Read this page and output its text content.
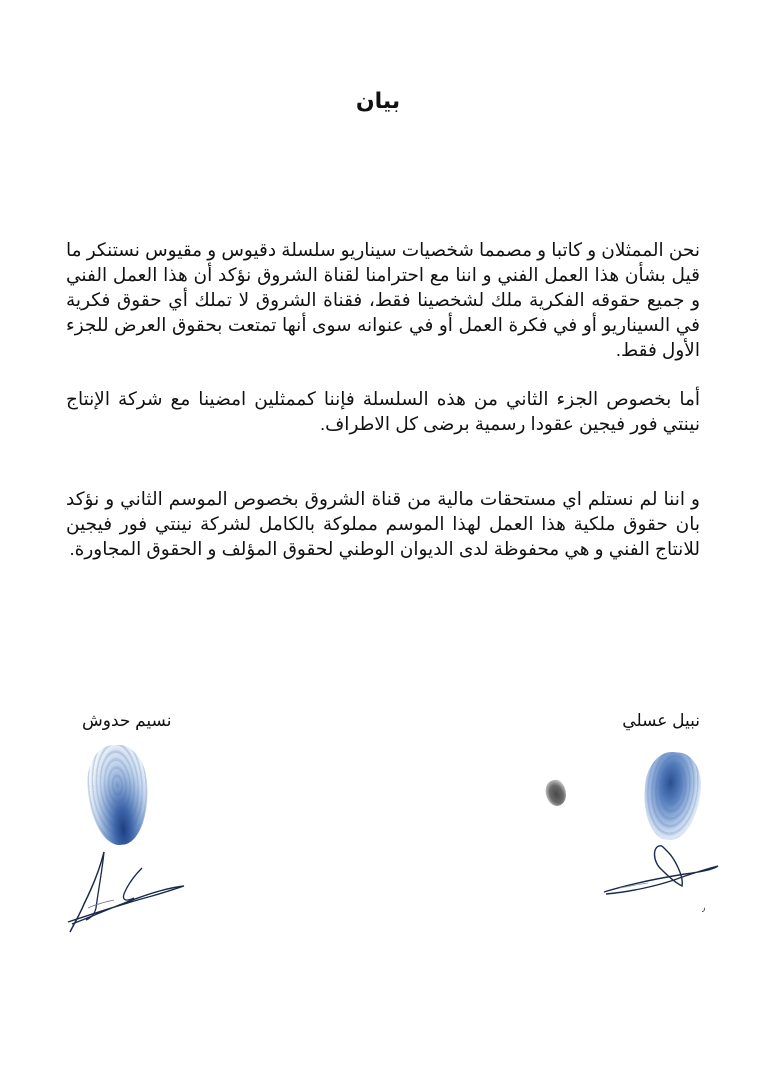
بيان

نحن الممثلان و كاتبا و مصمما شخصيات سيناريو سلسلة دقيوس و مقيوس نستنكر ما قيل بشأن هذا العمل الفني و اننا مع احترامنا لقناة الشروق نؤكد أن هذا العمل الفني و جميع حقوقه الفكرية ملك لشخصينا فقط، فقناة الشروق لا تملك أي حقوق فكرية في السيناريو أو في فكرة العمل أو في عنوانه سوى أنها تمتعت بحقوق العرض للجزء الأول فقط.

أما بخصوص الجزء الثاني من هذه السلسلة فإننا كممثلين امضينا مع شركة الإنتاج نينتي فور فيجين عقودا رسمية برضى كل الاطراف.

و اننا لم نستلم اي مستحقات مالية من قناة الشروق بخصوص الموسم الثاني و نؤكد بان حقوق ملكية هذا العمل لهذا الموسم مملوكة بالكامل لشركة نينتي فور فيجين للانتاج الفني و هي محفوظة لدى الديوان الوطني لحقوق المؤلف و الحقوق المجاورة.

نبيل عسلي
نسيم حدوش
٫
